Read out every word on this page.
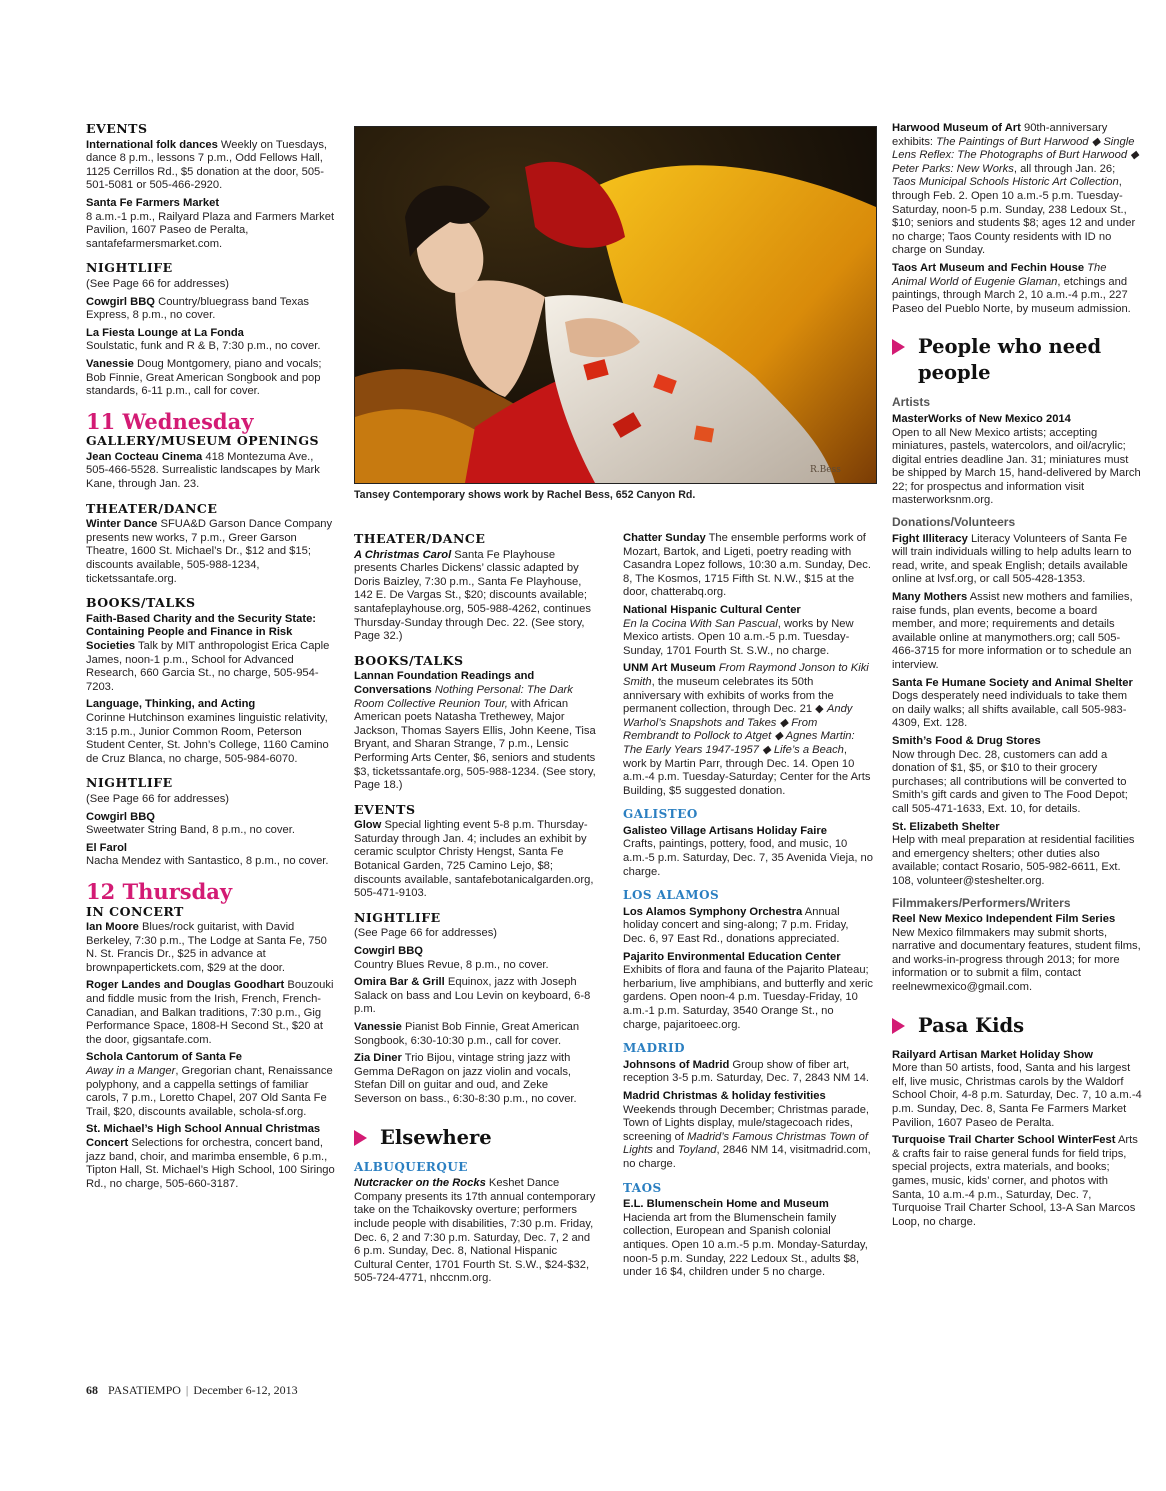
EVENTS

International folk dances Weekly on Tuesdays, dance 8 p.m., lessons 7 p.m., Odd Fellows Hall, 1125 Cerrillos Rd., $5 donation at the door, 505-501-5081 or 505-466-2920.

Santa Fe Farmers Market
8 a.m.-1 p.m., Railyard Plaza and Farmers Market Pavilion, 1607 Paseo de Peralta, santafefarmersmarket.com.

NIGHTLIFE

(See Page 66 for addresses)

Cowgirl BBQ Country/bluegrass band Texas Express, 8 p.m., no cover.

La Fiesta Lounge at La Fonda
Soulstatic, funk and R & B, 7:30 p.m., no cover.

Vanessie Doug Montgomery, piano and vocals; Bob Finnie, Great American Songbook and pop standards, 6-11 p.m., call for cover.

11 Wednesday
GALLERY/MUSEUM OPENINGS

Jean Cocteau Cinema 418 Montezuma Ave., 505-466-5528. Surrealistic landscapes by Mark Kane, through Jan. 23.

THEATER/DANCE

Winter Dance SFUA&D Garson Dance Company presents new works, 7 p.m., Greer Garson Theatre, 1600 St. Michael’s Dr., $12 and $15; discounts available, 505-988-1234, ticketssantafe.org.

BOOKS/TALKS

Faith-Based Charity and the Security State: Containing People and Finance in Risk Societies Talk by MIT anthropologist Erica Caple James, noon-1 p.m., School for Advanced Research, 660 Garcia St., no charge, 505-954-7203.

Language, Thinking, and Acting
Corinne Hutchinson examines linguistic relativity, 3:15 p.m., Junior Common Room, Peterson Student Center, St. John’s College, 1160 Camino de Cruz Blanca, no charge, 505-984-6070.

NIGHTLIFE

(See Page 66 for addresses)

Cowgirl BBQ
Sweetwater String Band, 8 p.m., no cover.

El Farol
Nacha Mendez with Santastico, 8 p.m., no cover.

12 Thursday
IN CONCERT

Ian Moore Blues/rock guitarist, with David Berkeley, 7:30 p.m., The Lodge at Santa Fe, 750 N. St. Francis Dr., $25 in advance at brownpapertickets.com, $29 at the door.

Roger Landes and Douglas Goodhart Bouzouki and fiddle music from the Irish, French, French-Canadian, and Balkan traditions, 7:30 p.m., Gig Performance Space, 1808-H Second St., $20 at the door, gigsantafe.com.

Schola Cantorum of Santa Fe
Away in a Manger, Gregorian chant, Renaissance polyphony, and a cappella settings of familiar carols, 7 p.m., Loretto Chapel, 207 Old Santa Fe Trail, $20, discounts available, schola-sf.org.

St. Michael’s High School Annual Christmas Concert Selections for orchestra, concert band, jazz band, choir, and marimba ensemble, 6 p.m., Tipton Hall, St. Michael’s High School, 100 Siringo Rd., no charge, 505-660-3187.

R.Bess
Tansey Contemporary shows work by Rachel Bess, 652 Canyon Rd.
THEATER/DANCE

A Christmas Carol Santa Fe Playhouse presents Charles Dickens’ classic adapted by Doris Baizley, 7:30 p.m., Santa Fe Playhouse, 142 E. De Vargas St., $20; discounts available; santafeplayhouse.org, 505-988-4262, continues Thursday-Sunday through Dec. 22. (See story, Page 32.)

BOOKS/TALKS

Lannan Foundation Readings and Conversations Nothing Personal: The Dark Room Collective Reunion Tour, with African American poets Natasha Trethewey, Major Jackson, Thomas Sayers Ellis, John Keene, Tisa Bryant, and Sharan Strange, 7 p.m., Lensic Performing Arts Center, $6, seniors and students $3, ticketssantafe.org, 505-988-1234. (See story, Page 18.)

EVENTS

Glow Special lighting event 5-8 p.m. Thursday-Saturday through Jan. 4; includes an exhibit by ceramic sculptor Christy Hengst, Santa Fe Botanical Garden, 725 Camino Lejo, $8; discounts available, santafebotanicalgarden.org, 505-471-9103.

NIGHTLIFE

(See Page 66 for addresses)

Cowgirl BBQ
Country Blues Revue, 8 p.m., no cover.

Omira Bar & Grill Equinox, jazz with Joseph Salack on bass and Lou Levin on keyboard, 6-8 p.m.

Vanessie Pianist Bob Finnie, Great American Songbook, 6:30-10:30 p.m., call for cover.

Zia Diner Trio Bijou, vintage string jazz with Gemma DeRagon on jazz violin and vocals, Stefan Dill on guitar and oud, and Zeke Severson on bass., 6:30-8:30 p.m., no cover.

Elsewhere
ALBUQUERQUE

Nutcracker on the Rocks Keshet Dance Company presents its 17th annual contemporary take on the Tchaikovsky overture; performers include people with disabilities, 7:30 p.m. Friday, Dec. 6, 2 and 7:30 p.m. Saturday, Dec. 7, 2 and 6 p.m. Sunday, Dec. 8, National Hispanic Cultural Center, 1701 Fourth St. S.W., $24-$32, 505-724-4771, nhccnm.org.

Chatter Sunday The ensemble performs work of Mozart, Bartok, and Ligeti, poetry reading with Casandra Lopez follows, 10:30 a.m. Sunday, Dec. 8, The Kosmos, 1715 Fifth St. N.W., $15 at the door, chatterabq.org.

National Hispanic Cultural Center
En la Cocina With San Pascual, works by New Mexico artists. Open 10 a.m.-5 p.m. Tuesday-Sunday, 1701 Fourth St. S.W., no charge.

UNM Art Museum From Raymond Jonson to Kiki Smith, the museum celebrates its 50th anniversary with exhibits of works from the permanent collection, through Dec. 21 ◆ Andy Warhol’s Snapshots and Takes ◆ From Rembrandt to Pollock to Atget ◆ Agnes Martin: The Early Years 1947-1957 ◆ Life’s a Beach, work by Martin Parr, through Dec. 14. Open 10 a.m.-4 p.m. Tuesday-Saturday; Center for the Arts Building, $5 suggested donation.

GALISTEO

Galisteo Village Artisans Holiday Faire
Crafts, paintings, pottery, food, and music, 10 a.m.-5 p.m. Saturday, Dec. 7, 35 Avenida Vieja, no charge.

LOS ALAMOS

Los Alamos Symphony Orchestra Annual holiday concert and sing-along; 7 p.m. Friday, Dec. 6, 97 East Rd., donations appreciated.

Pajarito Environmental Education Center
Exhibits of flora and fauna of the Pajarito Plateau; herbarium, live amphibians, and butterfly and xeric gardens. Open noon-4 p.m. Tuesday-Friday, 10 a.m.-1 p.m. Saturday, 3540 Orange St., no charge, pajaritoeec.org.

MADRID

Johnsons of Madrid Group show of fiber art, reception 3-5 p.m. Saturday, Dec. 7, 2843 NM 14.

Madrid Christmas & holiday festivities
Weekends through December; Christmas parade, Town of Lights display, mule/stagecoach rides, screening of Madrid’s Famous Christmas Town of Lights and Toyland, 2846 NM 14, visitmadrid.com, no charge.

TAOS

E.L. Blumenschein Home and Museum
Hacienda art from the Blumenschein family collection, European and Spanish colonial antiques. Open 10 a.m.-5 p.m. Monday-Saturday, noon-5 p.m. Sunday, 222 Ledoux St., adults $8, under 16 $4, children under 5 no charge.

Harwood Museum of Art 90th-anniversary exhibits: The Paintings of Burt Harwood ◆ Single Lens Reflex: The Photographs of Burt Harwood ◆ Peter Parks: New Works, all through Jan. 26; Taos Municipal Schools Historic Art Collection, through Feb. 2. Open 10 a.m.-5 p.m. Tuesday-Saturday, noon-5 p.m. Sunday, 238 Ledoux St., $10; seniors and students $8; ages 12 and under no charge; Taos County residents with ID no charge on Sunday.

Taos Art Museum and Fechin House The Animal World of Eugenie Glaman, etchings and paintings, through March 2, 10 a.m.-4 p.m., 227 Paseo del Pueblo Norte, by museum admission.

People who need people
Artists

MasterWorks of New Mexico 2014
Open to all New Mexico artists; accepting miniatures, pastels, watercolors, and oil/acrylic; digital entries deadline Jan. 31; miniatures must be shipped by March 15, hand-delivered by March 22; for prospectus and information visit masterworksnm.org.

Donations/Volunteers

Fight Illiteracy Literacy Volunteers of Santa Fe will train individuals willing to help adults learn to read, write, and speak English; details available online at lvsf.org, or call 505-428-1353.

Many Mothers Assist new mothers and families, raise funds, plan events, become a board member, and more; requirements and details available online at manymothers.org; call 505-466-3715 for more information or to schedule an interview.

Santa Fe Humane Society and Animal Shelter Dogs desperately need individuals to take them on daily walks; all shifts available, call 505-983-4309, Ext. 128.

Smith’s Food & Drug Stores
Now through Dec. 28, customers can add a donation of $1, $5, or $10 to their grocery purchases; all contributions will be converted to Smith’s gift cards and given to The Food Depot; call 505-471-1633, Ext. 10, for details.

St. Elizabeth Shelter
Help with meal preparation at residential facilities and emergency shelters; other duties also available; contact Rosario, 505-982-6611, Ext. 108, volunteer@steshelter.org.

Filmmakers/Performers/Writers

Reel New Mexico Independent Film Series
New Mexico filmmakers may submit shorts, narrative and documentary features, student films, and works-in-progress through 2013; for more information or to submit a film, contact reelnewmexico@gmail.com.

Pasa Kids

Railyard Artisan Market Holiday Show
More than 50 artists, food, Santa and his largest elf, live music, Christmas carols by the Waldorf School Choir, 4-8 p.m. Saturday, Dec. 7, 10 a.m.-4 p.m. Sunday, Dec. 8, Santa Fe Farmers Market Pavilion, 1607 Paseo de Peralta.

Turquoise Trail Charter School WinterFest Arts & crafts fair to raise general funds for field trips, special projects, extra materials, and books; games, music, kids’ corner, and photos with Santa, 10 a.m.-4 p.m., Saturday, Dec. 7, Turquoise Trail Charter School, 13-A San Marcos Loop, no charge.

68 PASATIEMPO | December 6-12, 2013
